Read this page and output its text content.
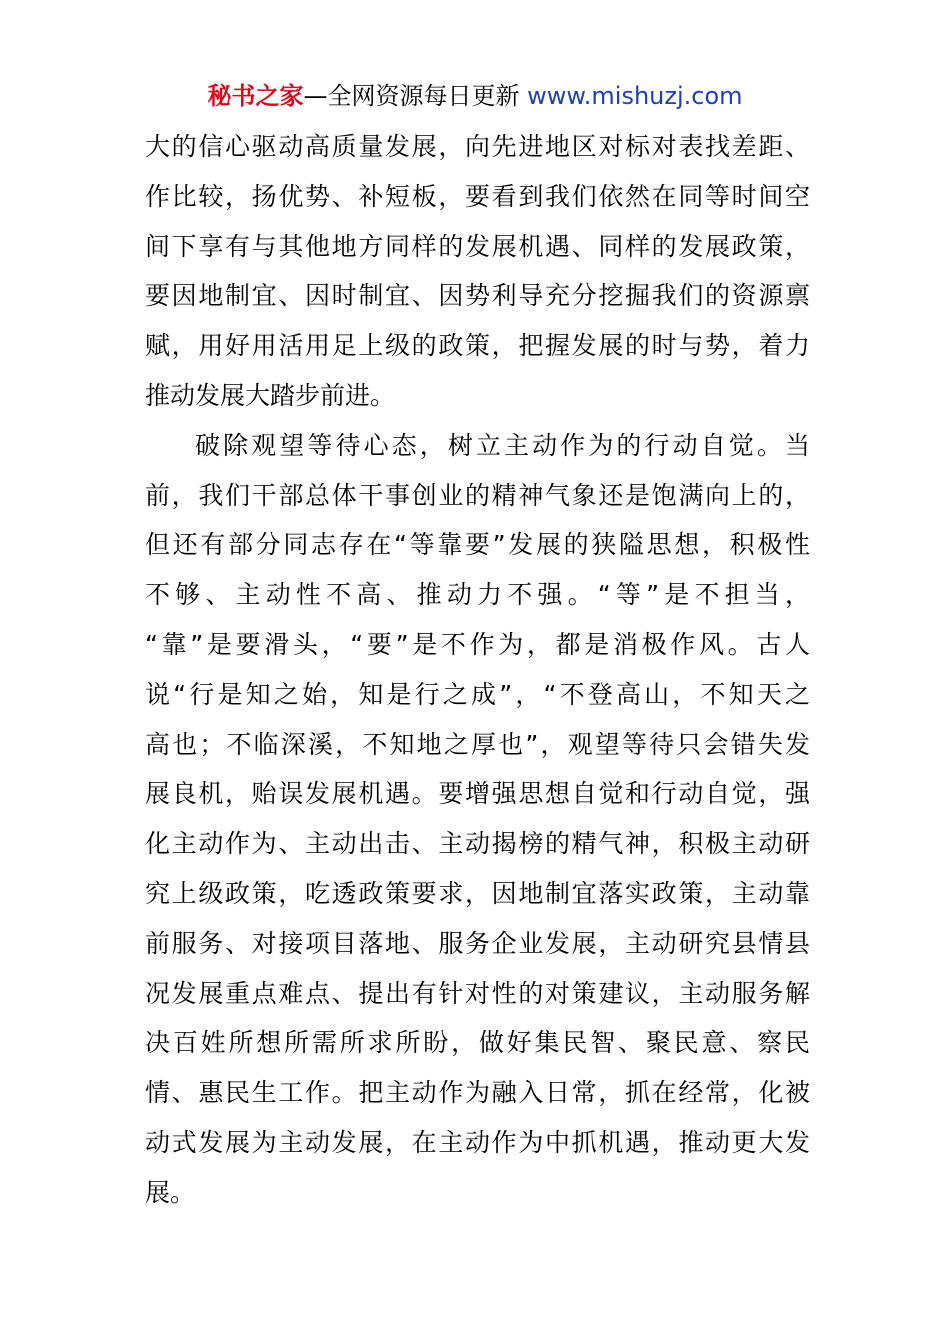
秘书之家—全网资源每日更新 www.mishuzj.com
大的信心驱动高质量发展，向先进地区对标对表找差距、
作比较，扬优势、补短板，要看到我们依然在同等时间空
间下享有与其他地方同样的发展机遇、同样的发展政策，
要因地制宜、因时制宜、因势利导充分挖掘我们的资源禀
赋，用好用活用足上级的政策，把握发展的时与势，着力
推动发展大踏步前进。
破除观望等待心态，树立主动作为的行动自觉。当
前，我们干部总体干事创业的精神气象还是饱满向上的，
但还有部分同志存在“等靠要”发展的狭隘思想，积极性
不够、主动性不高、推动力不强。“等”是不担当，
“靠”是要滑头，“要”是不作为，都是消极作风。古人
说“行是知之始，知是行之成”，“不登高山，不知天之
高也；不临深溪，不知地之厚也”，观望等待只会错失发
展良机，贻误发展机遇。要增强思想自觉和行动自觉，强
化主动作为、主动出击、主动揭榜的精气神，积极主动研
究上级政策，吃透政策要求，因地制宜落实政策，主动靠
前服务、对接项目落地、服务企业发展，主动研究县情县
况发展重点难点、提出有针对性的对策建议，主动服务解
决百姓所想所需所求所盼，做好集民智、聚民意、察民
情、惠民生工作。把主动作为融入日常，抓在经常，化被
动式发展为主动发展，在主动作为中抓机遇，推动更大发
展。
